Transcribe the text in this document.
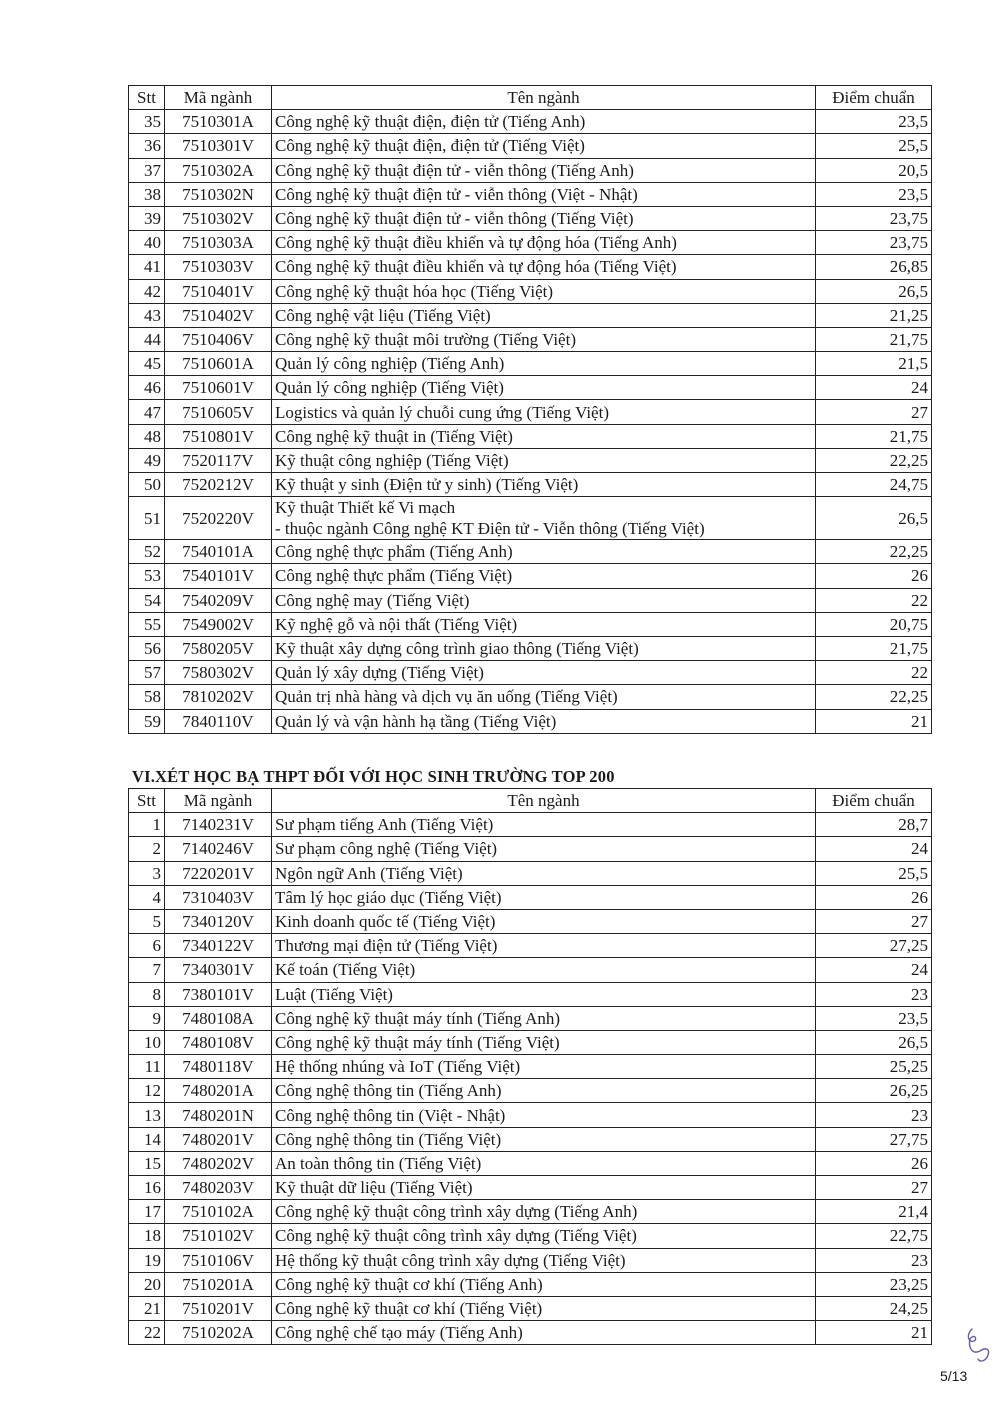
Stt	Mã ngành	Tên ngành	Điểm chuẩn
35	7510301A	Công nghệ kỹ thuật điện, điện tử (Tiếng Anh)	23,5
36	7510301V	Công nghệ kỹ thuật điện, điện tử (Tiếng Việt)	25,5
37	7510302A	Công nghệ kỹ thuật điện tử - viễn thông (Tiếng Anh)	20,5
38	7510302N	Công nghệ kỹ thuật điện tử - viễn thông (Việt - Nhật)	23,5
39	7510302V	Công nghệ kỹ thuật điện tử - viễn thông (Tiếng Việt)	23,75
40	7510303A	Công nghệ kỹ thuật điều khiển và tự động hóa (Tiếng Anh)	23,75
41	7510303V	Công nghệ kỹ thuật điều khiển và tự động hóa (Tiếng Việt)	26,85
42	7510401V	Công nghệ kỹ thuật hóa học (Tiếng Việt)	26,5
43	7510402V	Công nghệ vật liệu (Tiếng Việt)	21,25
44	7510406V	Công nghệ kỹ thuật môi trường (Tiếng Việt)	21,75
45	7510601A	Quản lý công nghiệp (Tiếng Anh)	21,5
46	7510601V	Quản lý công nghiệp (Tiếng Việt)	24
47	7510605V	Logistics và quản lý chuỗi cung ứng (Tiếng Việt)	27
48	7510801V	Công nghệ kỹ thuật in (Tiếng Việt)	21,75
49	7520117V	Kỹ thuật công nghiệp (Tiếng Việt)	22,25
50	7520212V	Kỹ thuật y sinh (Điện tử y sinh) (Tiếng Việt)	24,75
51	7520220V	Kỹ thuật Thiết kế Vi mạch
- thuộc ngành Công nghệ KT Điện tử - Viễn thông (Tiếng Việt)	26,5
52	7540101A	Công nghệ thực phẩm (Tiếng Anh)	22,25
53	7540101V	Công nghệ thực phẩm (Tiếng Việt)	26
54	7540209V	Công nghệ may (Tiếng Việt)	22
55	7549002V	Kỹ nghệ gỗ và nội thất (Tiếng Việt)	20,75
56	7580205V	Kỹ thuật xây dựng công trình giao thông (Tiếng Việt)	21,75
57	7580302V	Quản lý xây dựng (Tiếng Việt)	22
58	7810202V	Quản trị nhà hàng và dịch vụ ăn uống (Tiếng Việt)	22,25
59	7840110V	Quản lý và vận hành hạ tầng (Tiếng Việt)	21
VI.XÉT HỌC BẠ THPT ĐỐI VỚI HỌC SINH TRƯỜNG TOP 200
Stt	Mã ngành	Tên ngành	Điểm chuẩn
1	7140231V	Sư phạm tiếng Anh (Tiếng Việt)	28,7
2	7140246V	Sư phạm công nghệ (Tiếng Việt)	24
3	7220201V	Ngôn ngữ Anh (Tiếng Việt)	25,5
4	7310403V	Tâm lý học giáo dục (Tiếng Việt)	26
5	7340120V	Kinh doanh quốc tế (Tiếng Việt)	27
6	7340122V	Thương mại điện tử (Tiếng Việt)	27,25
7	7340301V	Kế toán (Tiếng Việt)	24
8	7380101V	Luật (Tiếng Việt)	23
9	7480108A	Công nghệ kỹ thuật máy tính (Tiếng Anh)	23,5
10	7480108V	Công nghệ kỹ thuật máy tính (Tiếng Việt)	26,5
11	7480118V	Hệ thống nhúng và IoT (Tiếng Việt)	25,25
12	7480201A	Công nghệ thông tin (Tiếng Anh)	26,25
13	7480201N	Công nghệ thông tin (Việt - Nhật)	23
14	7480201V	Công nghệ thông tin (Tiếng Việt)	27,75
15	7480202V	An toàn thông tin (Tiếng Việt)	26
16	7480203V	Kỹ thuật dữ liệu (Tiếng Việt)	27
17	7510102A	Công nghệ kỹ thuật công trình xây dựng (Tiếng Anh)	21,4
18	7510102V	Công nghệ kỹ thuật công trình xây dựng (Tiếng Việt)	22,75
19	7510106V	Hệ thống kỹ thuật công trình xây dựng (Tiếng Việt)	23
20	7510201A	Công nghệ kỹ thuật cơ khí (Tiếng Anh)	23,25
21	7510201V	Công nghệ kỹ thuật cơ khí (Tiếng Việt)	24,25
22	7510202A	Công nghệ chế tạo máy (Tiếng Anh)	21
5/13
